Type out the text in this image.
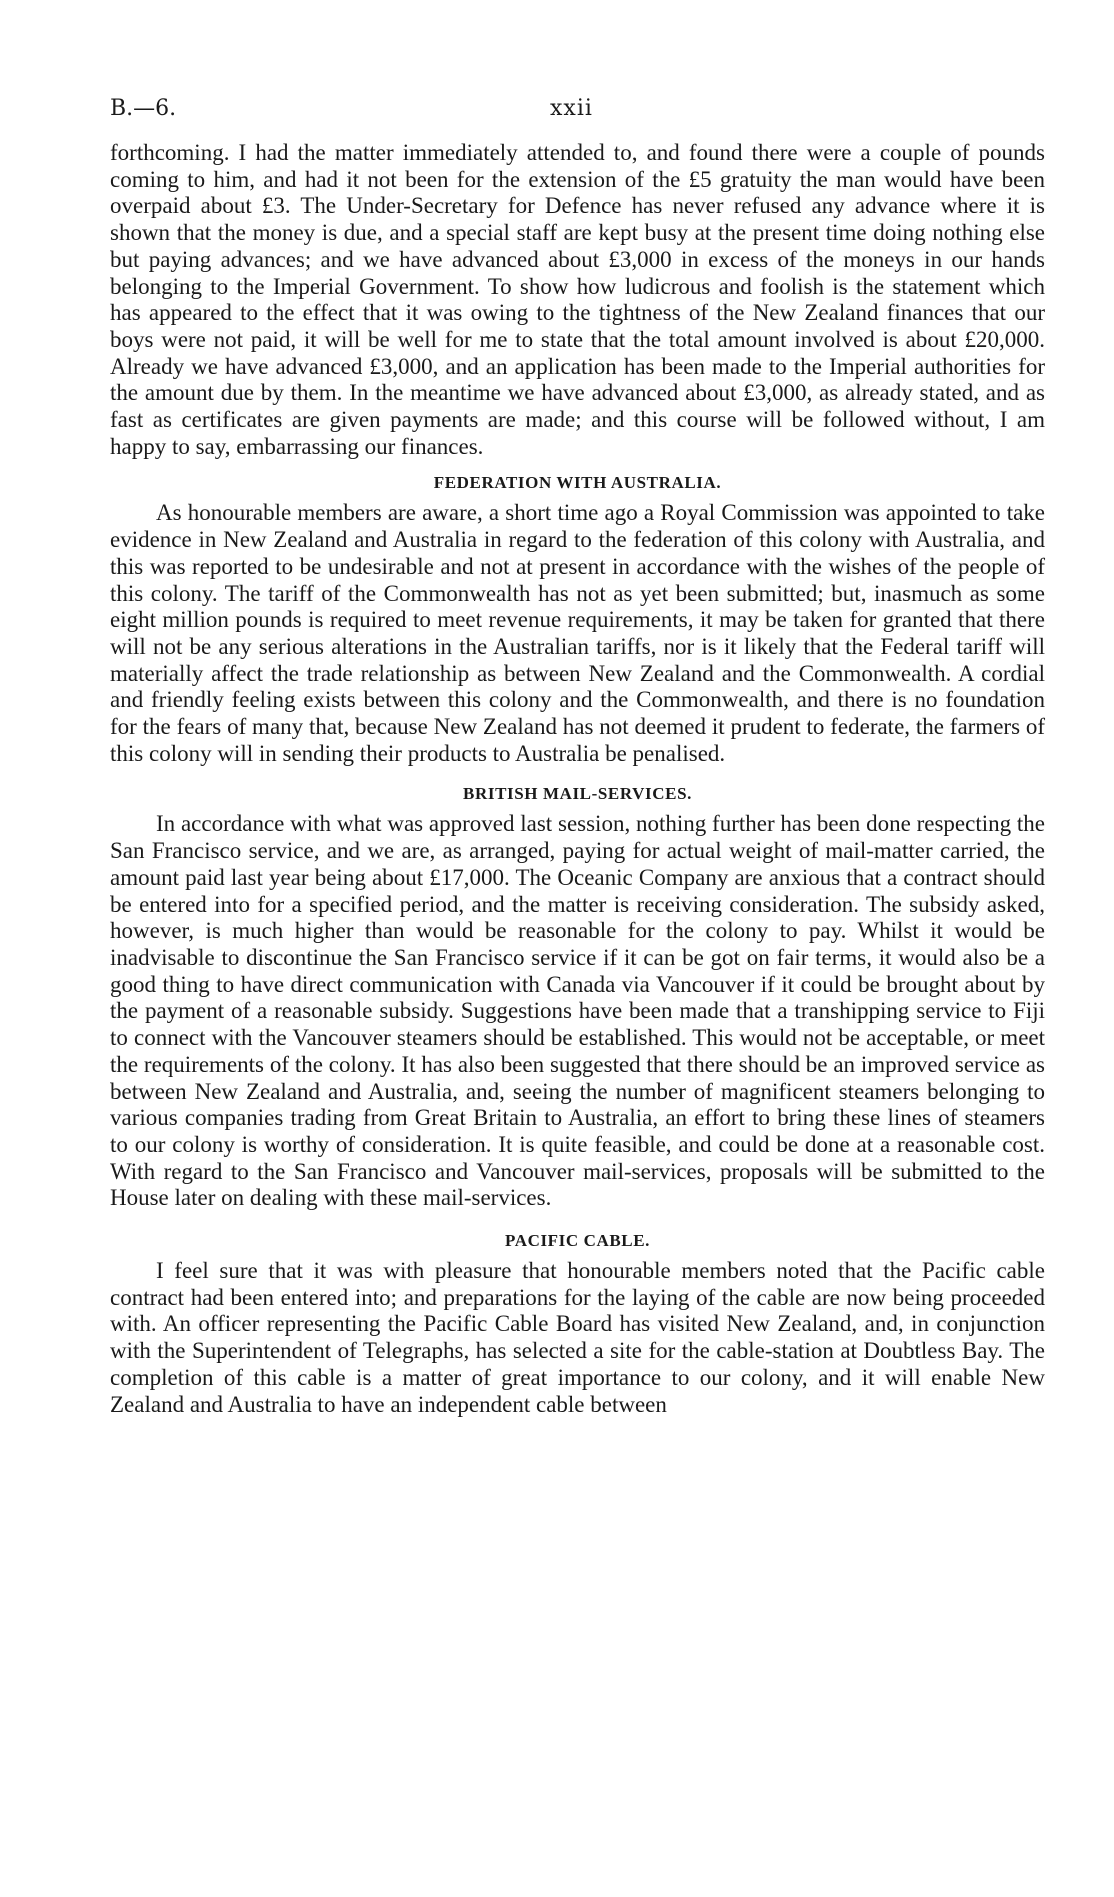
B.—6.	xxii

forthcoming. I had the matter immediately attended to, and found there were a couple of pounds coming to him, and had it not been for the extension of the £5 gratuity the man would have been overpaid about £3. The Under-Secretary for Defence has never refused any advance where it is shown that the money is due, and a special staff are kept busy at the present time doing nothing else but paying advances; and we have advanced about £3,000 in excess of the moneys in our hands belonging to the Imperial Government. To show how ludicrous and foolish is the statement which has appeared to the effect that it was owing to the tightness of the New Zealand finances that our boys were not paid, it will be well for me to state that the total amount involved is about £20,000. Already we have advanced £3,000, and an application has been made to the Imperial authorities for the amount due by them. In the meantime we have advanced about £3,000, as already stated, and as fast as certificates are given payments are made; and this course will be followed without, I am happy to say, embarrassing our finances.

FEDERATION WITH AUSTRALIA.

As honourable members are aware, a short time ago a Royal Commission was appointed to take evidence in New Zealand and Australia in regard to the federation of this colony with Australia, and this was reported to be undesirable and not at present in accordance with the wishes of the people of this colony. The tariff of the Commonwealth has not as yet been submitted; but, inasmuch as some eight million pounds is required to meet revenue requirements, it may be taken for granted that there will not be any serious alterations in the Australian tariffs, nor is it likely that the Federal tariff will materially affect the trade relationship as between New Zealand and the Commonwealth. A cordial and friendly feeling exists between this colony and the Commonwealth, and there is no foundation for the fears of many that, because New Zealand has not deemed it prudent to federate, the farmers of this colony will in sending their products to Australia be penalised.

BRITISH MAIL-SERVICES.

In accordance with what was approved last session, nothing further has been done respecting the San Francisco service, and we are, as arranged, paying for actual weight of mail-matter carried, the amount paid last year being about £17,000. The Oceanic Company are anxious that a contract should be entered into for a specified period, and the matter is receiving consideration. The subsidy asked, however, is much higher than would be reasonable for the colony to pay. Whilst it would be inadvisable to discontinue the San Francisco service if it can be got on fair terms, it would also be a good thing to have direct communication with Canada via Vancouver if it could be brought about by the payment of a reasonable subsidy. Suggestions have been made that a transhipping service to Fiji to connect with the Vancouver steamers should be established. This would not be acceptable, or meet the requirements of the colony. It has also been suggested that there should be an improved service as between New Zealand and Australia, and, seeing the number of magnificent steamers belonging to various companies trading from Great Britain to Australia, an effort to bring these lines of steamers to our colony is worthy of consideration. It is quite feasible, and could be done at a reasonable cost. With regard to the San Francisco and Vancouver mail-services, proposals will be submitted to the House later on dealing with these mail-services.

PACIFIC CABLE.

I feel sure that it was with pleasure that honourable members noted that the Pacific cable contract had been entered into; and preparations for the laying of the cable are now being proceeded with. An officer representing the Pacific Cable Board has visited New Zealand, and, in conjunction with the Superintendent of Telegraphs, has selected a site for the cable-station at Doubtless Bay. The completion of this cable is a matter of great importance to our colony, and it will enable New Zealand and Australia to have an independent cable between
